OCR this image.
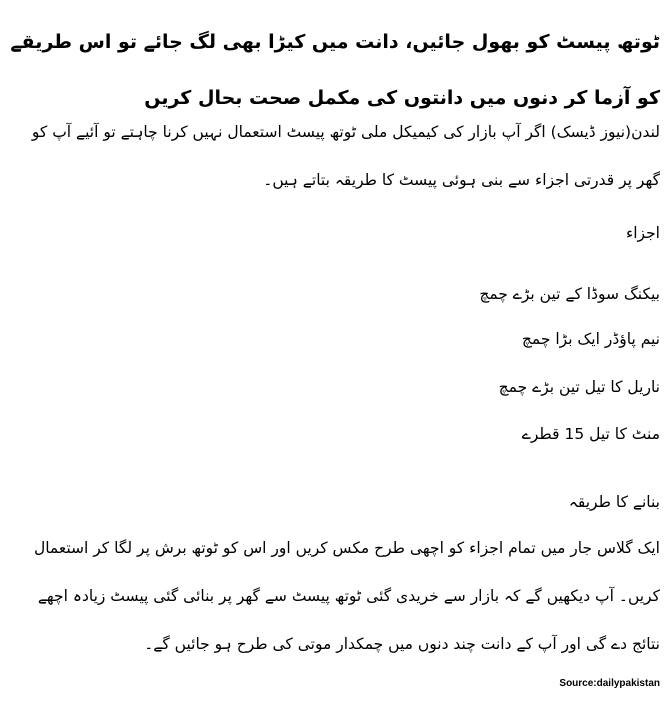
ٹوتھ پیسٹ کو بھول جائیں، دانت میں کیڑا بھی لگ جائے تو اس طریقے کو آزما کر دنوں میں دانتوں کی مکمل صحت بحال کریں

لندن(نیوز ڈیسک) اگر آپ بازار کی کیمیکل ملی ٹوتھ پیسٹ استعمال نہیں کرنا چاہتے تو آئیے آپ کو گھر پر قدرتی اجزاء سے بنی ہوئی پیسٹ کا طریقہ بتاتے ہیں۔

اجزاء

بیکنگ سوڈا کے تین بڑے چمچ

نیم پاؤڈر ایک بڑا چمچ

ناریل کا تیل تین بڑے چمچ

منٹ کا تیل 15 قطرے

بنانے کا طریقہ

ایک گلاس جار میں تمام اجزاء کو اچھی طرح مکس کریں اور اس کو ٹوتھ برش پر لگا کر استعمال کریں۔ آپ دیکھیں گے کہ بازار سے خریدی گئی ٹوتھ پیسٹ سے گھر پر بنائی گئی پیسٹ زیادہ اچھے نتائج دے گی اور آپ کے دانت چند دنوں میں چمکدار موتی کی طرح ہو جائیں گے۔

Source:dailypakistan
